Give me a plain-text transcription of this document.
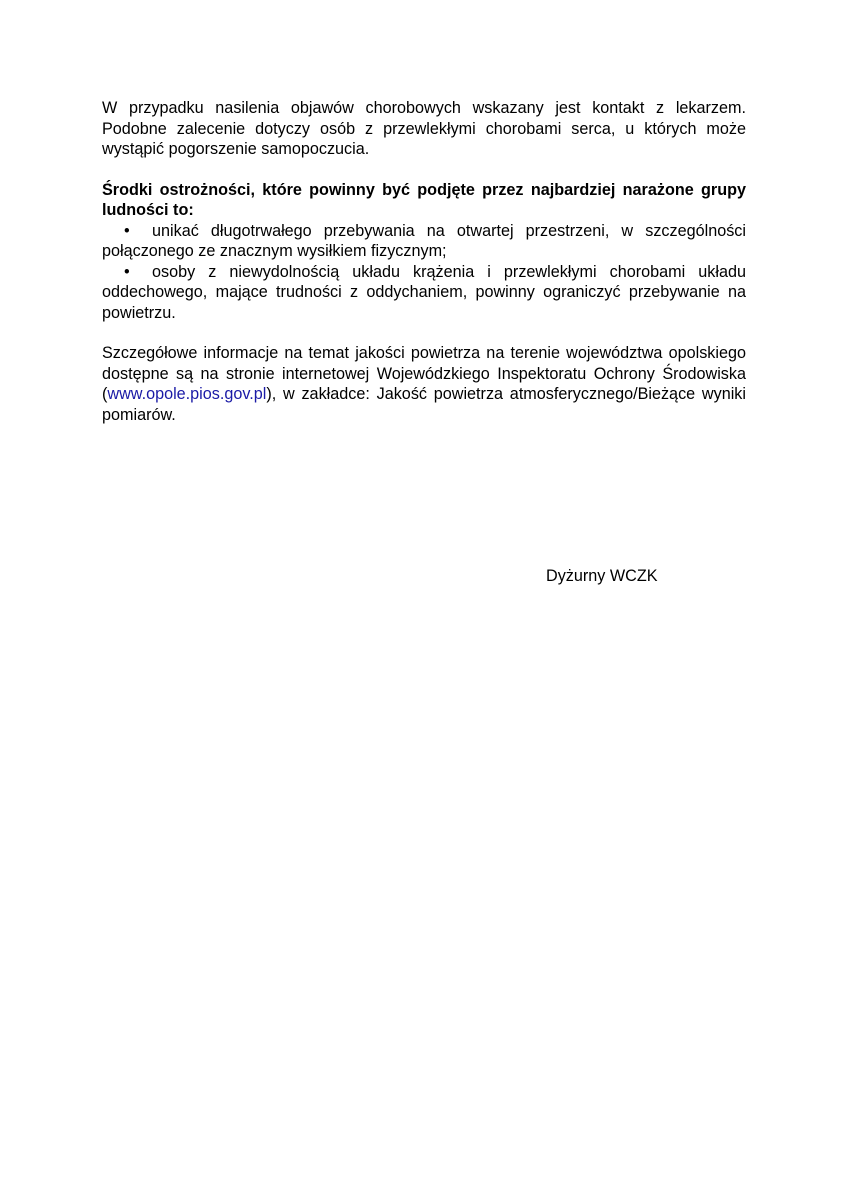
W przypadku nasilenia objawów chorobowych wskazany jest kontakt z lekarzem. Podobne zalecenie dotyczy osób z przewlekłymi chorobami serca, u których może wystąpić pogorszenie samopoczucia.

Środki ostrożności, które powinny być podjęte przez najbardziej narażone grupy ludności to:

• unikać długotrwałego przebywania na otwartej przestrzeni, w szczególności połączonego ze znacznym wysiłkiem fizycznym;
• osoby z niewydolnością układu krążenia i przewlekłymi chorobami układu oddechowego, mające trudności z oddychaniem, powinny ograniczyć przebywanie na powietrzu.

Szczegółowe informacje na temat jakości powietrza na terenie województwa opolskiego dostępne są na stronie internetowej Wojewódzkiego Inspektoratu Ochrony Środowiska (www.opole.pios.gov.pl), w zakładce: Jakość powietrza atmosferycznego/Bieżące wyniki pomiarów.

Dyżurny WCZK
